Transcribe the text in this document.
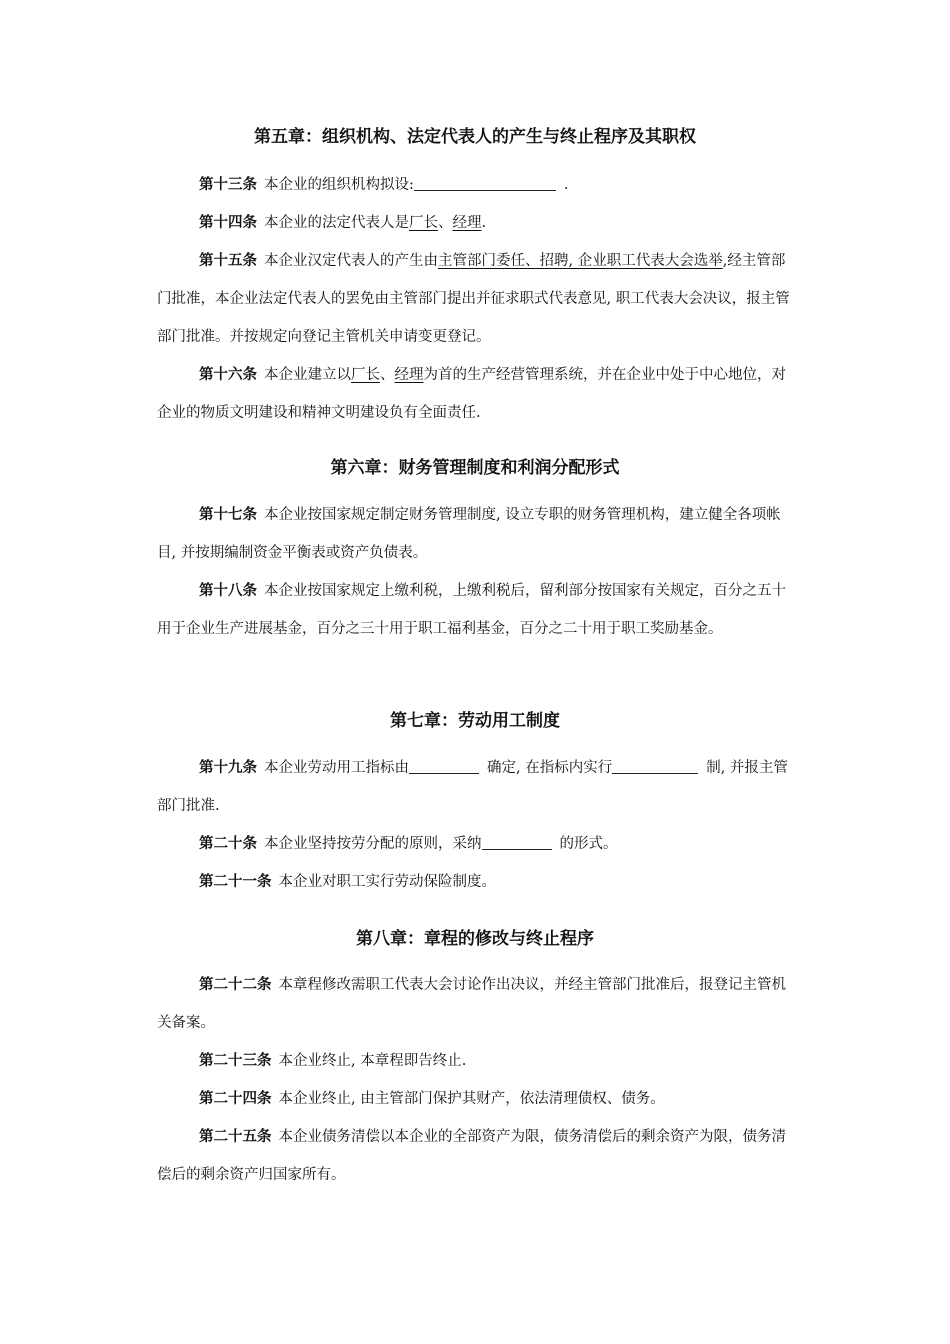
第五章：组织机构、法定代表人的产生与终止程序及其职权

第十三条 本企业的组织机构拟设:	.

第十四条 本企业的法定代表人是厂长、经理.

第十五条 本企业汉定代表人的产生由主管部门委任、招聘, 企业职工代表大会选举,经主管部门批准，本企业法定代表人的罢免由主管部门提出并征求职式代表意见, 职工代表大会决议，报主管部门批准。并按规定向登记主管机关申请变更登记。

第十六条 本企业建立以厂长、经理为首的生产经营管理系统，并在企业中处于中心地位，对企业的物质文明建设和精神文明建设负有全面责任.

第六章：财务管理制度和利润分配形式

第十七条 本企业按国家规定制定财务管理制度, 设立专职的财务管理机构，建立健全各项帐目, 并按期编制资金平衡表或资产负债表。

第十八条 本企业按国家规定上缴利税，上缴利税后，留利部分按国家有关规定，百分之五十用于企业生产进展基金，百分之三十用于职工福利基金，百分之二十用于职工奖励基金。

第七章：劳动用工制度

第十九条 本企业劳动用工指标由	确定, 在指标内实行	制, 并报主管部门批准.

第二十条 本企业坚持按劳分配的原则，采纳	的形式。

第二十一条 本企业对职工实行劳动保险制度。

第八章：章程的修改与终止程序

第二十二条 本章程修改需职工代表大会讨论作出决议，并经主管部门批准后，报登记主管机关备案。

第二十三条 本企业终止, 本章程即告终止.

第二十四条 本企业终止, 由主管部门保护其财产，依法清理债权、债务。

第二十五条 本企业债务清偿以本企业的全部资产为限，债务清偿后的剩余资产为限，债务清偿后的剩余资产归国家所有。
